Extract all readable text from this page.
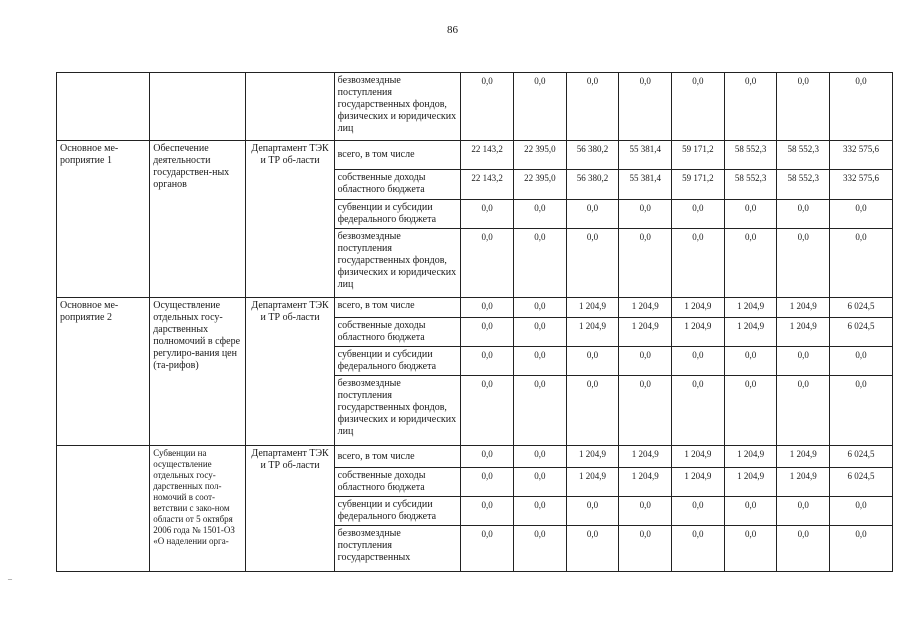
86
–
			безвозмездные поступления государственных фондов, физических и юридических лиц	0,0	0,0	0,0	0,0	0,0	0,0	0,0	0,0
Основное ме-роприятие 1	Обеспечение деятельности государствен-ных органов	Департамент ТЭК и ТР об-ласти	всего, в том числе	22 143,2	22 395,0	56 380,2	55 381,4	59 171,2	58 552,3	58 552,3	332 575,6
			собственные доходы областного бюджета	22 143,2	22 395,0	56 380,2	55 381,4	59 171,2	58 552,3	58 552,3	332 575,6
			субвенции и субсидии федерального бюджета	0,0	0,0	0,0	0,0	0,0	0,0	0,0	0,0
			безвозмездные поступления государственных фондов, физических и юридических лиц	0,0	0,0	0,0	0,0	0,0	0,0	0,0	0,0
Основное ме-роприятие 2	Осуществление отдельных госу-дарственных полномочий в сфере регулиро-вания цен (та-рифов)	Департамент ТЭК и ТР об-ласти	всего, в том числе	0,0	0,0	1 204,9	1 204,9	1 204,9	1 204,9	1 204,9	6 024,5
			собственные доходы областного бюджета	0,0	0,0	1 204,9	1 204,9	1 204,9	1 204,9	1 204,9	6 024,5
			субвенции и субсидии федерального бюджета	0,0	0,0	0,0	0,0	0,0	0,0	0,0	0,0
			безвозмездные поступления государственных фондов, физических и юридических лиц	0,0	0,0	0,0	0,0	0,0	0,0	0,0	0,0
	Субвенции на осуществление отдельных госу-дарственных пол-номочий в соот-ветствии с зако-ном области от 5 октября 2006 года № 1501-ОЗ «О наделении орга-	Департамент ТЭК и ТР об-ласти	всего, в том числе	0,0	0,0	1 204,9	1 204,9	1 204,9	1 204,9	1 204,9	6 024,5
			собственные доходы областного бюджета	0,0	0,0	1 204,9	1 204,9	1 204,9	1 204,9	1 204,9	6 024,5
			субвенции и субсидии федерального бюджета	0,0	0,0	0,0	0,0	0,0	0,0	0,0	0,0
			безвозмездные поступления государственных	0,0	0,0	0,0	0,0	0,0	0,0	0,0	0,0
